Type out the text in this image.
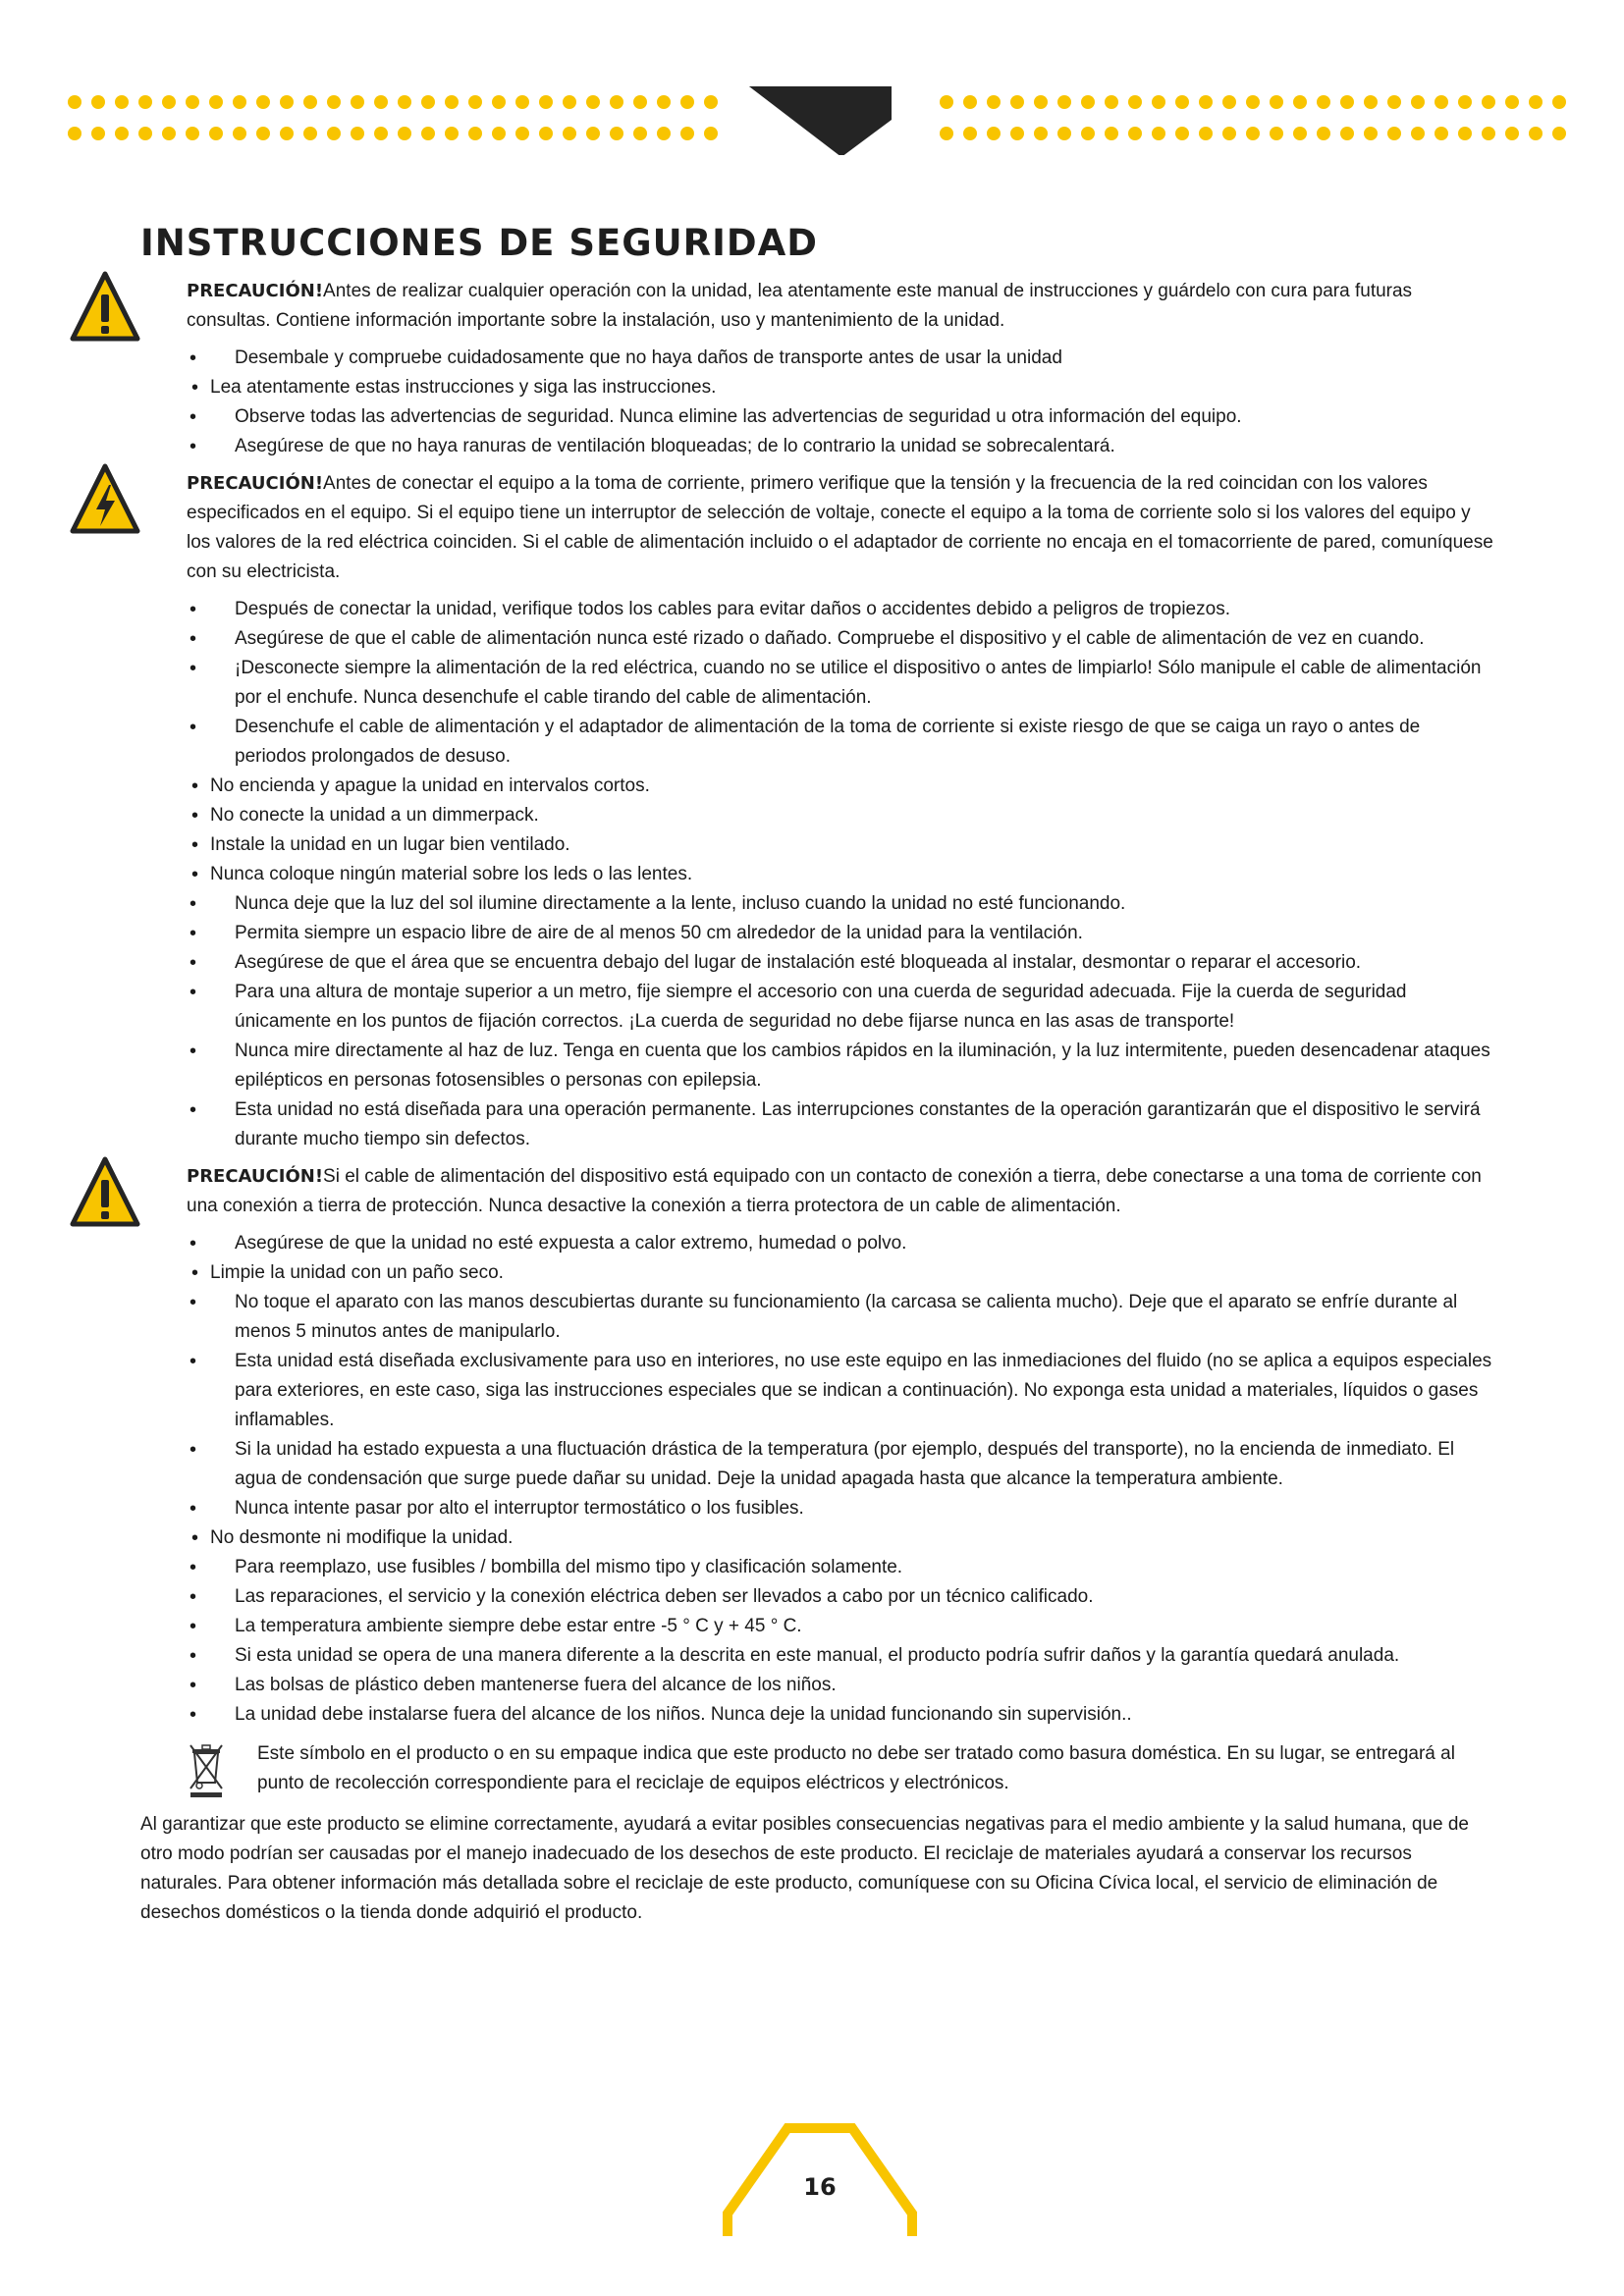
INSTRUCCIONES DE SEGURIDAD

PRECAUCIÓN!Antes de realizar cualquier operación con la unidad, lea atentamente este manual de instrucciones y guárdelo con cura para futuras consultas. Contiene información importante sobre la instalación, uso y mantenimiento de la unidad.

• Desembale y compruebe cuidadosamente que no haya daños de transporte antes de usar la unidad
• Lea atentamente estas instrucciones y siga las instrucciones.
• Observe todas las advertencias de seguridad. Nunca elimine las advertencias de seguridad u otra información del equipo.
• Asegúrese de que no haya ranuras de ventilación bloqueadas; de lo contrario la unidad se sobrecalentará.

PRECAUCIÓN!Antes de conectar el equipo a la toma de corriente, primero verifique que la tensión y la frecuencia de la red coincidan con los valores especificados en el equipo. Si el equipo tiene un interruptor de selección de voltaje, conecte el equipo a la toma de corriente solo si los valores del equipo y los valores de la red eléctrica coinciden. Si el cable de alimentación incluido o el adaptador de corriente no encaja en el tomacorriente de pared, comuníquese con su electricista.

• Después de conectar la unidad, verifique todos los cables para evitar daños o accidentes debido a peligros de tropiezos.
• Asegúrese de que el cable de alimentación nunca esté rizado o dañado. Compruebe el dispositivo y el cable de alimentación de vez en cuando.
• ¡Desconecte siempre la alimentación de la red eléctrica, cuando no se utilice el dispositivo o antes de limpiarlo! Sólo manipule el cable de alimentación por el enchufe. Nunca desenchufe el cable tirando del cable de alimentación.
• Desenchufe el cable de alimentación y el adaptador de alimentación de la toma de corriente si existe riesgo de que se caiga un rayo o antes de periodos prolongados de desuso.
• No encienda y apague la unidad en intervalos cortos.
• No conecte la unidad a un dimmerpack.
• Instale la unidad en un lugar bien ventilado.
• Nunca coloque ningún material sobre los leds o las lentes.
• Nunca deje que la luz del sol ilumine directamente a la lente, incluso cuando la unidad no esté funcionando.
• Permita siempre un espacio libre de aire de al menos 50 cm alrededor de la unidad para la ventilación.
• Asegúrese de que el área que se encuentra debajo del lugar de instalación esté bloqueada al instalar, desmontar o reparar el accesorio.
• Para una altura de montaje superior a un metro, fije siempre el accesorio con una cuerda de seguridad adecuada. Fije la cuerda de seguridad únicamente en los puntos de fijación correctos. ¡La cuerda de seguridad no debe fijarse nunca en las asas de transporte!
• Nunca mire directamente al haz de luz. Tenga en cuenta que los cambios rápidos en la iluminación, y la luz intermitente, pueden desencadenar ataques epilépticos en personas fotosensibles o personas con epilepsia.
• Esta unidad no está diseñada para una operación permanente. Las interrupciones constantes de la operación garantizarán que el dispositivo le servirá durante mucho tiempo sin defectos.

PRECAUCIÓN!Si el cable de alimentación del dispositivo está equipado con un contacto de conexión a tierra, debe conectarse a una toma de corriente con una conexión a tierra de protección. Nunca desactive la conexión a tierra protectora de un cable de alimentación.

• Asegúrese de que la unidad no esté expuesta a calor extremo, humedad o polvo.
• Limpie la unidad con un paño seco.
• No toque el aparato con las manos descubiertas durante su funcionamiento (la carcasa se calienta mucho). Deje que el aparato se enfríe durante al menos 5 minutos antes de manipularlo.
• Esta unidad está diseñada exclusivamente para uso en interiores, no use este equipo en las inmediaciones del fluido (no se aplica a equipos especiales para exteriores, en este caso, siga las instrucciones especiales que se indican a continuación). No exponga esta unidad a materiales, líquidos o gases inflamables.
• Si la unidad ha estado expuesta a una fluctuación drástica de la temperatura (por ejemplo, después del transporte), no la encienda de inmediato. El agua de condensación que surge puede dañar su unidad. Deje la unidad apagada hasta que alcance la temperatura ambiente.
• Nunca intente pasar por alto el interruptor termostático o los fusibles.
• No desmonte ni modifique la unidad.
• Para reemplazo, use fusibles / bombilla del mismo tipo y clasificación solamente.
• Las reparaciones, el servicio y la conexión eléctrica deben ser llevados a cabo por un técnico calificado.
• La temperatura ambiente siempre debe estar entre -5 ° C y + 45 ° C.
• Si esta unidad se opera de una manera diferente a la descrita en este manual, el producto podría sufrir daños y la garantía quedará anulada.
• Las bolsas de plástico deben mantenerse fuera del alcance de los niños.
• La unidad debe instalarse fuera del alcance de los niños. Nunca deje la unidad funcionando sin supervisión..

Este símbolo en el producto o en su empaque indica que este producto no debe ser tratado como basura doméstica. En su lugar, se entregará al punto de recolección correspondiente para el reciclaje de equipos eléctricos y electrónicos.

Al garantizar que este producto se elimine correctamente, ayudará a evitar posibles consecuencias negativas para el medio ambiente y la salud humana, que de otro modo podrían ser causadas por el manejo inadecuado de los desechos de este producto. El reciclaje de materiales ayudará a conservar los recursos naturales. Para obtener información más detallada sobre el reciclaje de este producto, comuníquese con su Oficina Cívica local, el servicio de eliminación de desechos domésticos o la tienda donde adquirió el producto.

16
